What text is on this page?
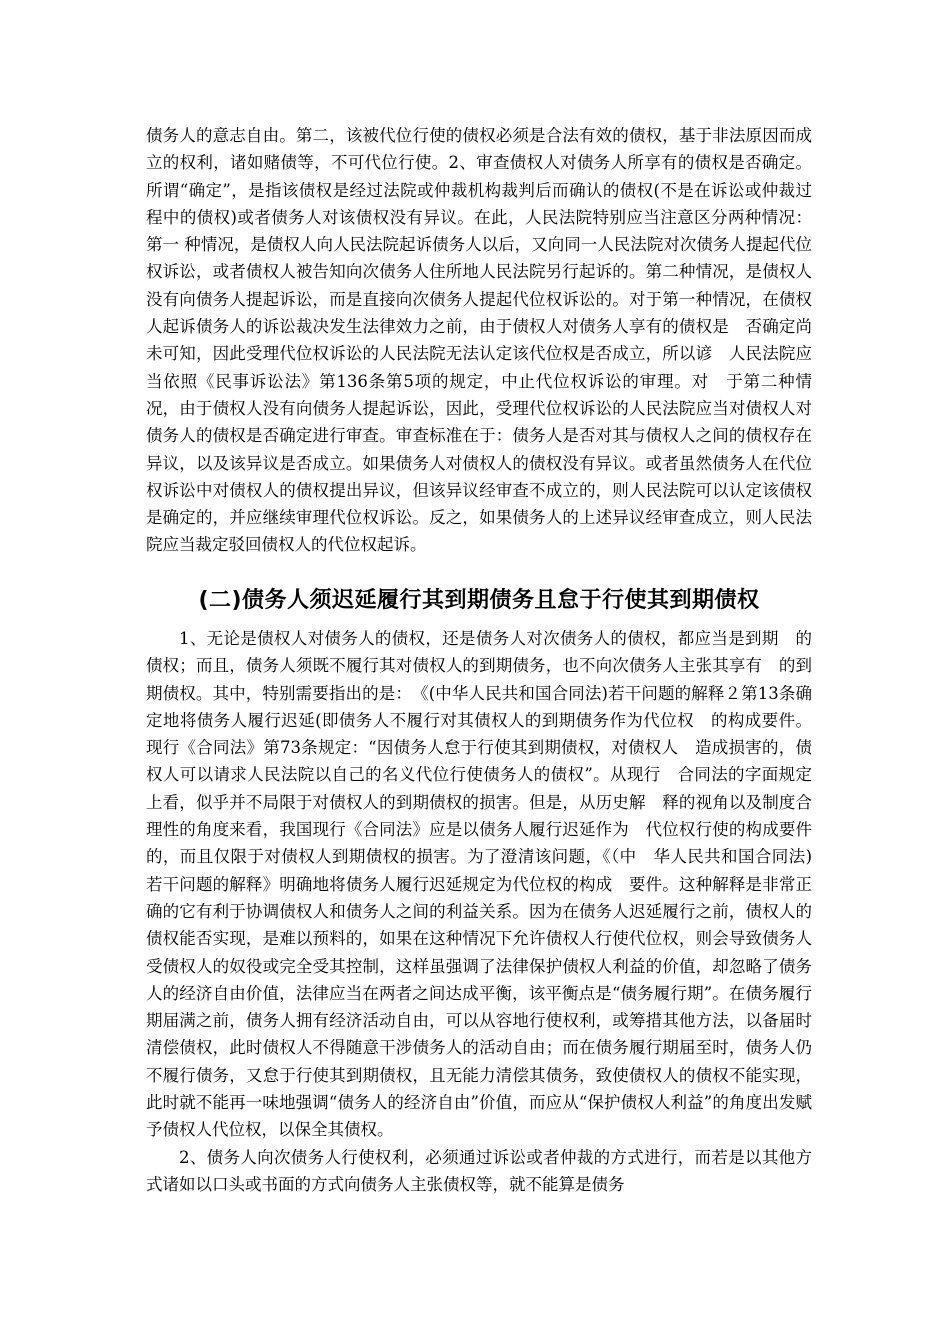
债务人的意志自由。第二，该被代位行使的债权必须是合法有效的债权，基于非法原因而成立的权利，诸如赌债等，不可代位行使。2、审查债权人对债务人所享有的债权是否确定。所谓“确定”，是指该债权是经过法院或仲裁机构裁判后而确认的债权(不是在诉讼或仲裁过程中的债权)或者债务人对该债权没有异议。在此，人民法院特别应当注意区分两种情况：第一 种情况，是债权人向人民法院起诉债务人以后，又向同一人民法院对次债务人提起代位权诉讼，或者债权人被告知向次债务人住所地人民法院另行起诉的。第二种情况，是债权人没有向债务人提起诉讼，而是直接向次债务人提起代位权诉讼的。对于第一种情况，在债权人起诉债务人的诉讼裁决发生法律效力之前，由于债权人对债务人享有的债权是　否确定尚未可知，因此受理代位权诉讼的人民法院无法认定该代位权是否成立，所以谚　人民法院应当依照《民事诉讼法》第136条第5项的规定，中止代位权诉讼的审理。对　于第二种情况，由于债权人没有向债务人提起诉讼，因此，受理代位权诉讼的人民法院应当对债权人对债务人的债权是否确定进行审查。审查标准在于：债务人是否对其与债权人之间的债权存在异议，以及该异议是否成立。如果债务人对债权人的债权没有异议。或者虽然债务人在代位权诉讼中对债权人的债权提出异议，但该异议经审查不成立的，则人民法院可以认定该债权是确定的，并应继续审理代位权诉讼。反之，如果债务人的上述异议经审查成立，则人民法院应当裁定驳回债权人的代位权起诉。

(二)债务人须迟延履行其到期债务且怠于行使其到期债权

1、无论是债权人对债务人的债权，还是债务人对次债务人的债权，都应当是到期　的债权；而且，债务人须既不履行其对债权人的到期债务，也不向次债务人主张其享有　的到期债权。其中，特别需要指出的是：　《(中华人民共和国合同法)若干问题的解释２第13条确定地将债务人履行迟延(即债务人不履行对其债权人的到期债务作为代位权　的构成要件。现行《合同法》第73条规定：“因债务人怠于行使其到期债权，对债权人　造成损害的，债权人可以请求人民法院以自己的名义代位行使债务人的债权”。从现行　合同法的字面规定上看，似乎并不局限于对债权人的到期债权的损害。但是，从历史解　释的视角以及制度合理性的角度来看，我国现行《合同法》应是以债务人履行迟延作为　代位权行使的构成要件的，而且仅限于对债权人到期债权的损害。为了澄清该问题，《（中　华人民共和国合同法)若干问题的解释》明确地将债务人履行迟延规定为代位权的构成　要件。这种解释是非常正确的它有利于协调债权人和债务人之间的利益关系。因为在债务人迟延履行之前，债权人的债权能否实现，是难以预料的，如果在这种情况下允许债权人行使代位权，则会导致债务人受债权人的奴役或完全受其控制，这样虽强调了法律保护债权人利益的价值，却忽略了债务人的经济自由价值，法律应当在两者之间达成平衡，该平衡点是“债务履行期”。在债务履行期届满之前，债务人拥有经济活动自由，可以从容地行使权利，或筹措其他方法，以备届时清偿债权，此时债权人不得随意干涉债务人的活动自由；而在债务履行期届至时，债务人仍不履行债务，又怠于行使其到期债权，且无能力清偿其债务，致使债权人的债权不能实现，此时就不能再一味地强调“债务人的经济自由”价值，而应从“保护债权人利益”的角度出发赋予债权人代位权，以保全其债权。

2、债务人向次债务人行使权利，必须通过诉讼或者仲裁的方式进行，而若是以其他方式诸如以口头或书面的方式向债务人主张债权等，就不能算是债务
